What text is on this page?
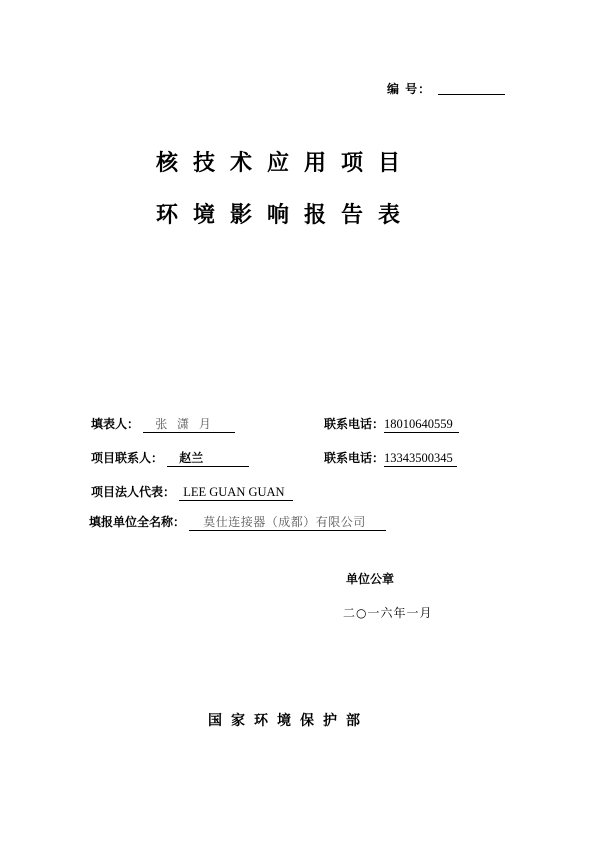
编 号：
核技术应用项目
环境影响报告表
填表人： 张 潇 月	联系电话：18010640559
项目联系人： 赵兰	联系电话：13343500345
项目法人代表： LEE GUAN GUAN
填报单位全名称： 莫仕连接器（成都）有限公司
单位公章
二○一六年一月
国家环境保护部
